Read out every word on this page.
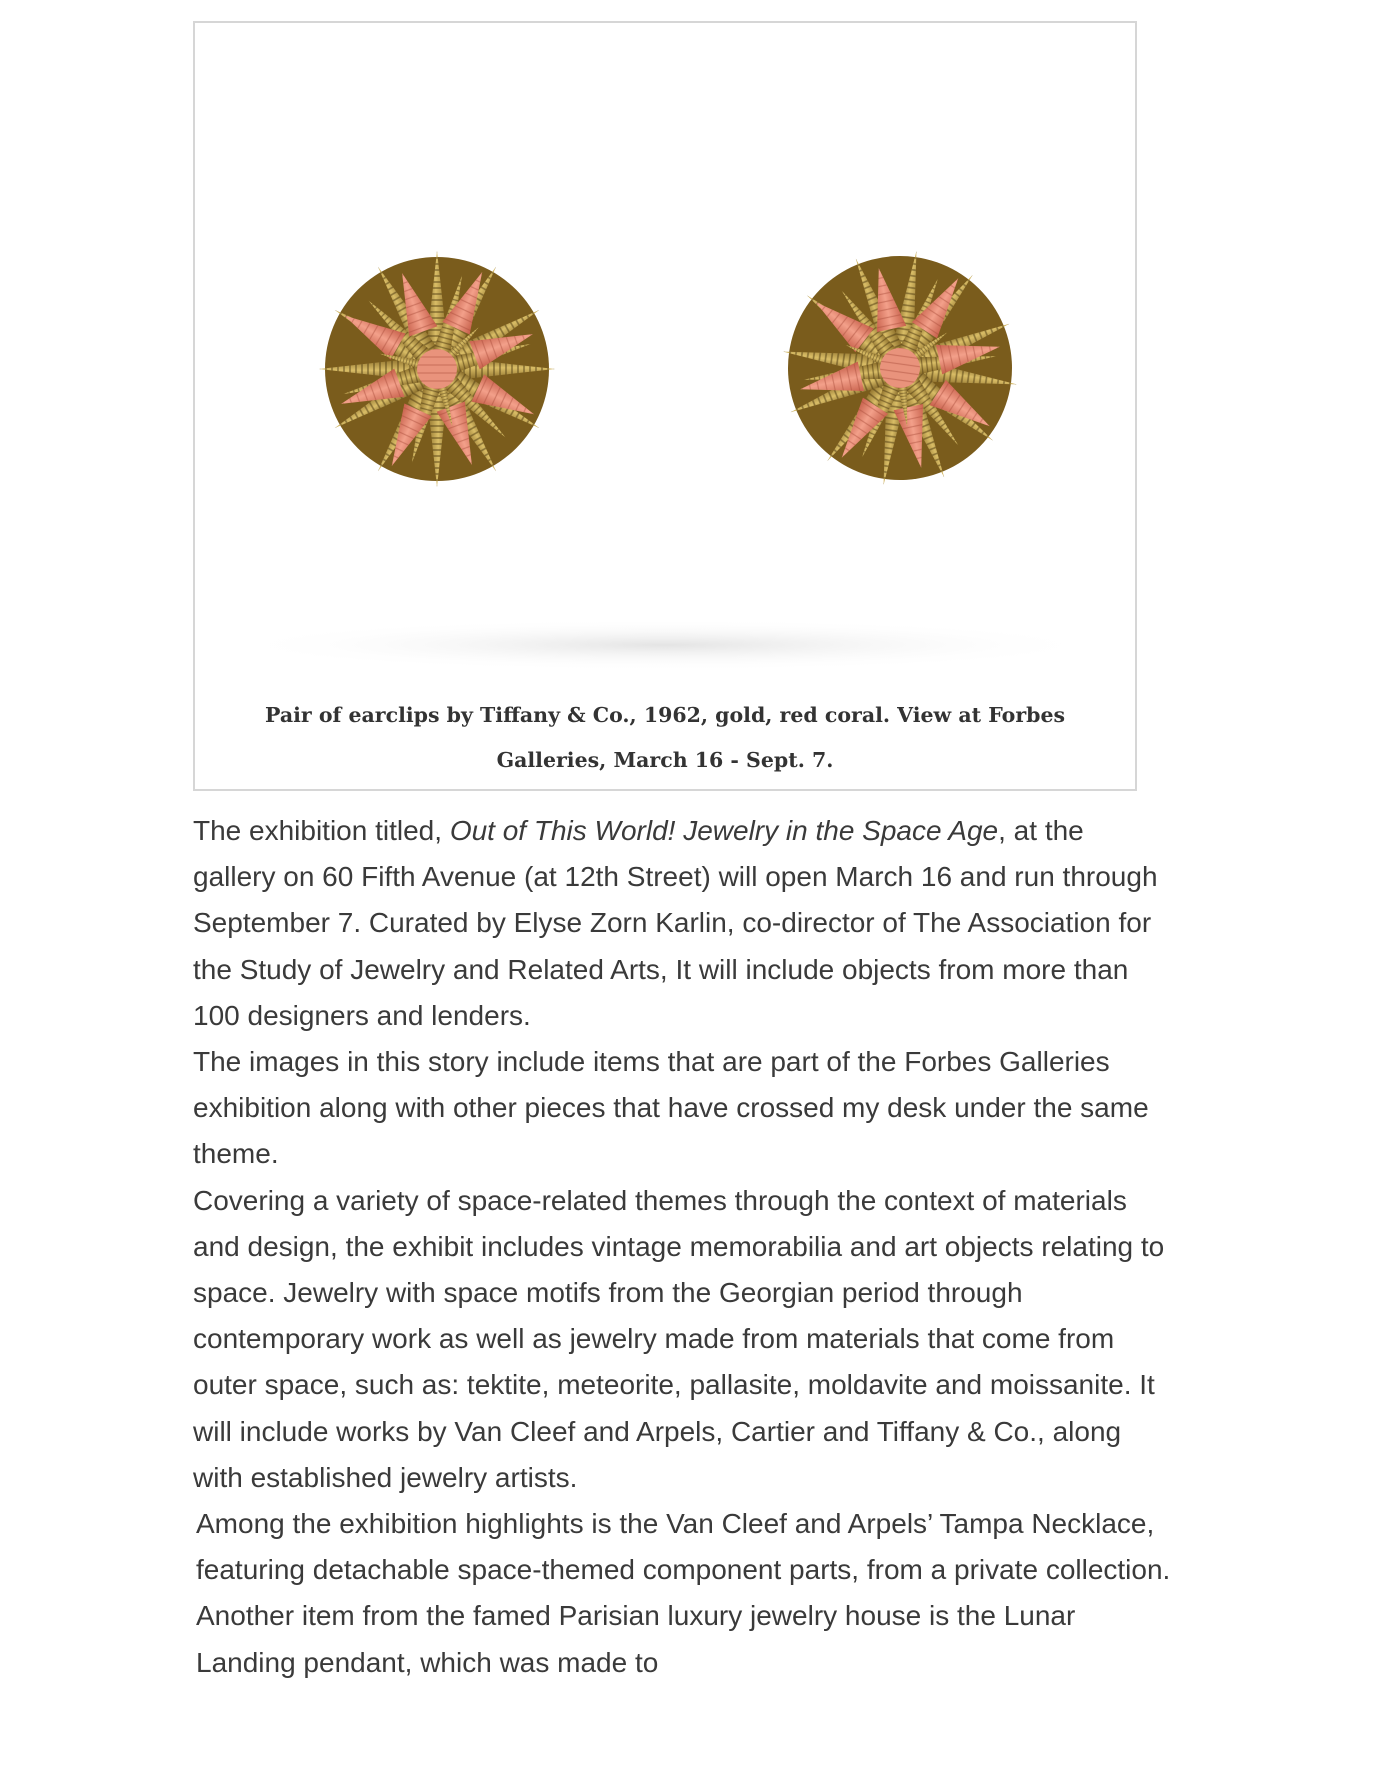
Pair of earclips by Tiffany & Co., 1962, gold, red coral. View at Forbes Galleries, March 16 - Sept. 7.

The exhibition titled, Out of This World! Jewelry in the Space Age, at the gallery on 60 Fifth Avenue (at 12th Street) will open March 16 and run through September 7. Curated by Elyse Zorn Karlin, co-director of The Association for the Study of Jewelry and Related Arts, It will include objects from more than 100 designers and lenders.

The images in this story include items that are part of the Forbes Galleries exhibition along with other pieces that have crossed my desk under the same theme.

Covering a variety of space-related themes through the context of materials and design, the exhibit includes vintage memorabilia and art objects relating to space. Jewelry with space motifs from the Georgian period through contemporary work as well as jewelry made from materials that come from outer space, such as: tektite, meteorite, pallasite, moldavite and moissanite. It will include works by Van Cleef and Arpels, Cartier and Tiffany & Co., along with established jewelry artists.

Among the exhibition highlights is the Van Cleef and Arpels’ Tampa Necklace, featuring detachable space-themed component parts, from a private collection. Another item from the famed Parisian luxury jewelry house is the Lunar Landing pendant, which was made to
